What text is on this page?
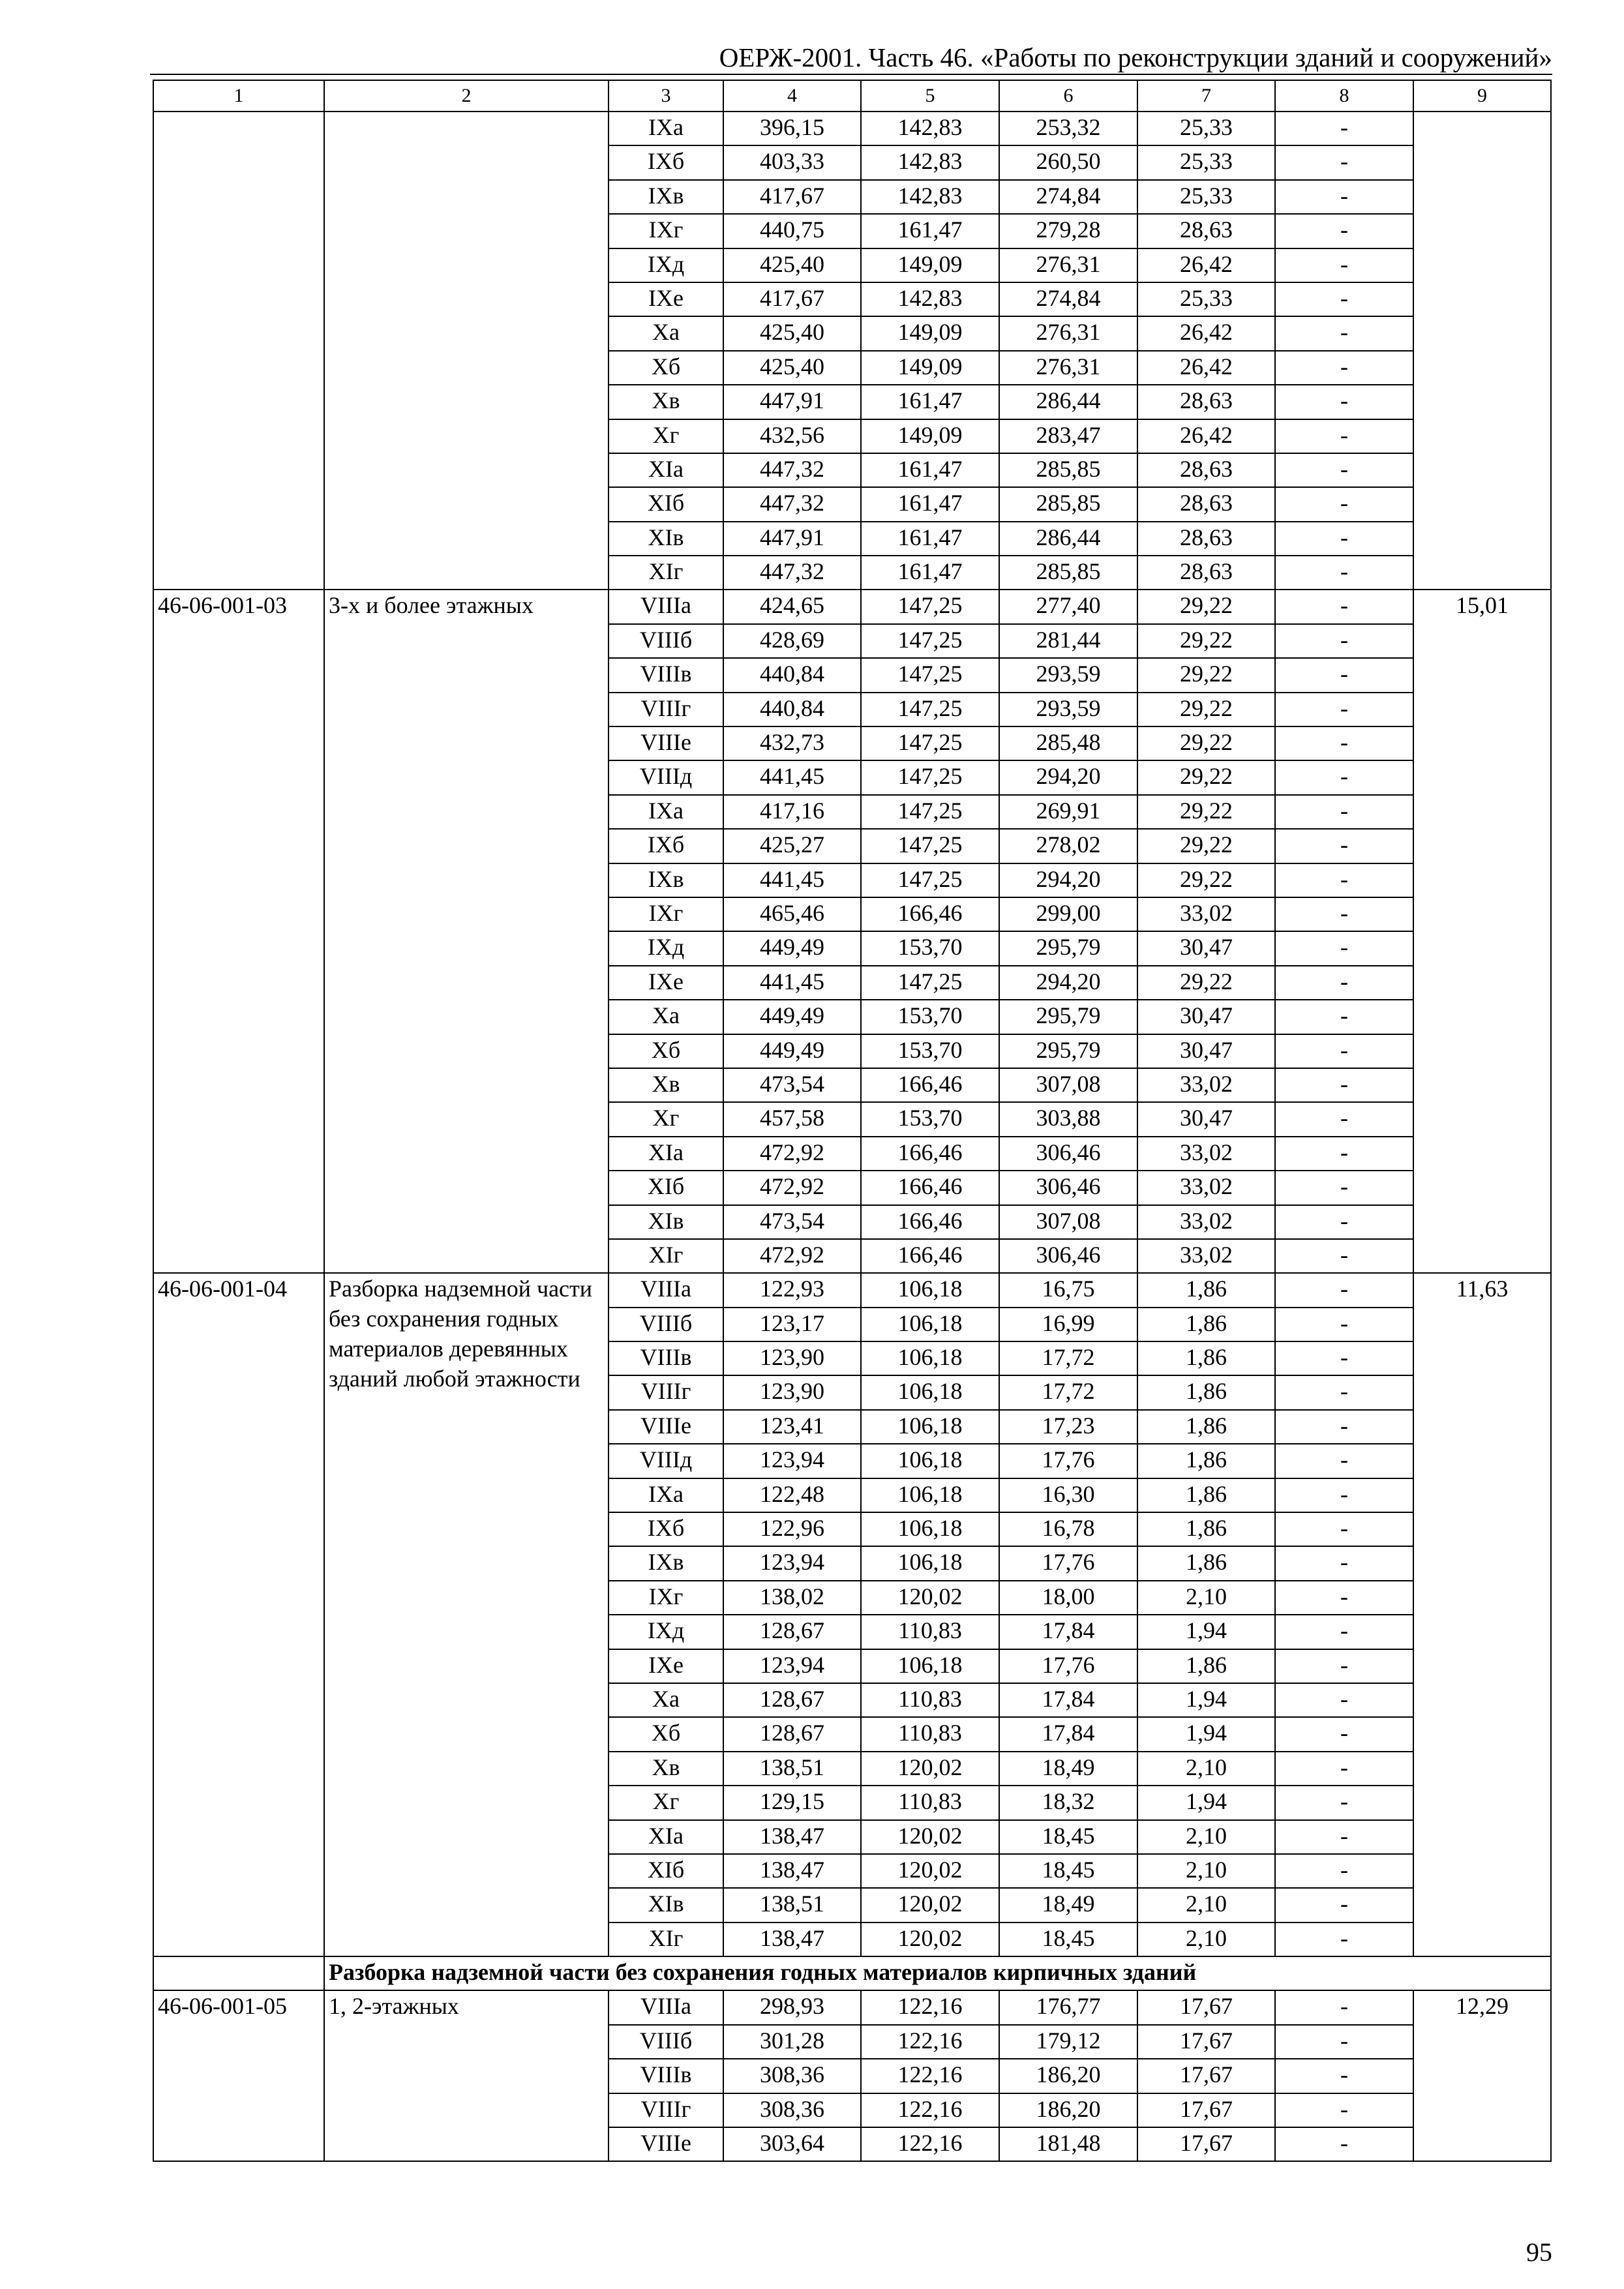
ОЕРЖ-2001. Часть 46. «Работы по реконструкции зданий и сооружений»
1	2	3	4	5	6	7	8	9
		IXа	396,15	142,83	253,32	25,33	-	
		IXб	403,33	142,83	260,50	25,33	-	
		IXв	417,67	142,83	274,84	25,33	-	
		IXг	440,75	161,47	279,28	28,63	-	
		IXд	425,40	149,09	276,31	26,42	-	
		IXе	417,67	142,83	274,84	25,33	-	
		Xа	425,40	149,09	276,31	26,42	-	
		Xб	425,40	149,09	276,31	26,42	-	
		Xв	447,91	161,47	286,44	28,63	-	
		Xг	432,56	149,09	283,47	26,42	-	
		XIа	447,32	161,47	285,85	28,63	-	
		XIб	447,32	161,47	285,85	28,63	-	
		XIв	447,91	161,47	286,44	28,63	-	
		XIг	447,32	161,47	285,85	28,63	-	
46-06-001-03	3-х и более этажных	VIIIа	424,65	147,25	277,40	29,22	-	15,01
		VIIIб	428,69	147,25	281,44	29,22	-	
		VIIIв	440,84	147,25	293,59	29,22	-	
		VIIIг	440,84	147,25	293,59	29,22	-	
		VIIIе	432,73	147,25	285,48	29,22	-	
		VIIIд	441,45	147,25	294,20	29,22	-	
		IXа	417,16	147,25	269,91	29,22	-	
		IXб	425,27	147,25	278,02	29,22	-	
		IXв	441,45	147,25	294,20	29,22	-	
		IXг	465,46	166,46	299,00	33,02	-	
		IXд	449,49	153,70	295,79	30,47	-	
		IXе	441,45	147,25	294,20	29,22	-	
		Xа	449,49	153,70	295,79	30,47	-	
		Xб	449,49	153,70	295,79	30,47	-	
		Xв	473,54	166,46	307,08	33,02	-	
		Xг	457,58	153,70	303,88	30,47	-	
		XIа	472,92	166,46	306,46	33,02	-	
		XIб	472,92	166,46	306,46	33,02	-	
		XIв	473,54	166,46	307,08	33,02	-	
		XIг	472,92	166,46	306,46	33,02	-	
46-06-001-04	Разборка надземной части без сохранения годных материалов деревянных зданий любой этажности	VIIIа	122,93	106,18	16,75	1,86	-	11,63
		VIIIб	123,17	106,18	16,99	1,86	-	
		VIIIв	123,90	106,18	17,72	1,86	-	
		VIIIг	123,90	106,18	17,72	1,86	-	
		VIIIе	123,41	106,18	17,23	1,86	-	
		VIIIд	123,94	106,18	17,76	1,86	-	
		IXа	122,48	106,18	16,30	1,86	-	
		IXб	122,96	106,18	16,78	1,86	-	
		IXв	123,94	106,18	17,76	1,86	-	
		IXг	138,02	120,02	18,00	2,10	-	
		IXд	128,67	110,83	17,84	1,94	-	
		IXе	123,94	106,18	17,76	1,86	-	
		Xа	128,67	110,83	17,84	1,94	-	
		Xб	128,67	110,83	17,84	1,94	-	
		Xв	138,51	120,02	18,49	2,10	-	
		Xг	129,15	110,83	18,32	1,94	-	
		XIа	138,47	120,02	18,45	2,10	-	
		XIб	138,47	120,02	18,45	2,10	-	
		XIв	138,51	120,02	18,49	2,10	-	
		XIг	138,47	120,02	18,45	2,10	-	
	Разборка надземной части без сохранения годных материалов кирпичных зданий							
46-06-001-05	1, 2-этажных	VIIIа	298,93	122,16	176,77	17,67	-	12,29
		VIIIб	301,28	122,16	179,12	17,67	-	
		VIIIв	308,36	122,16	186,20	17,67	-	
		VIIIг	308,36	122,16	186,20	17,67	-	
		VIIIе	303,64	122,16	181,48	17,67	-	
95
